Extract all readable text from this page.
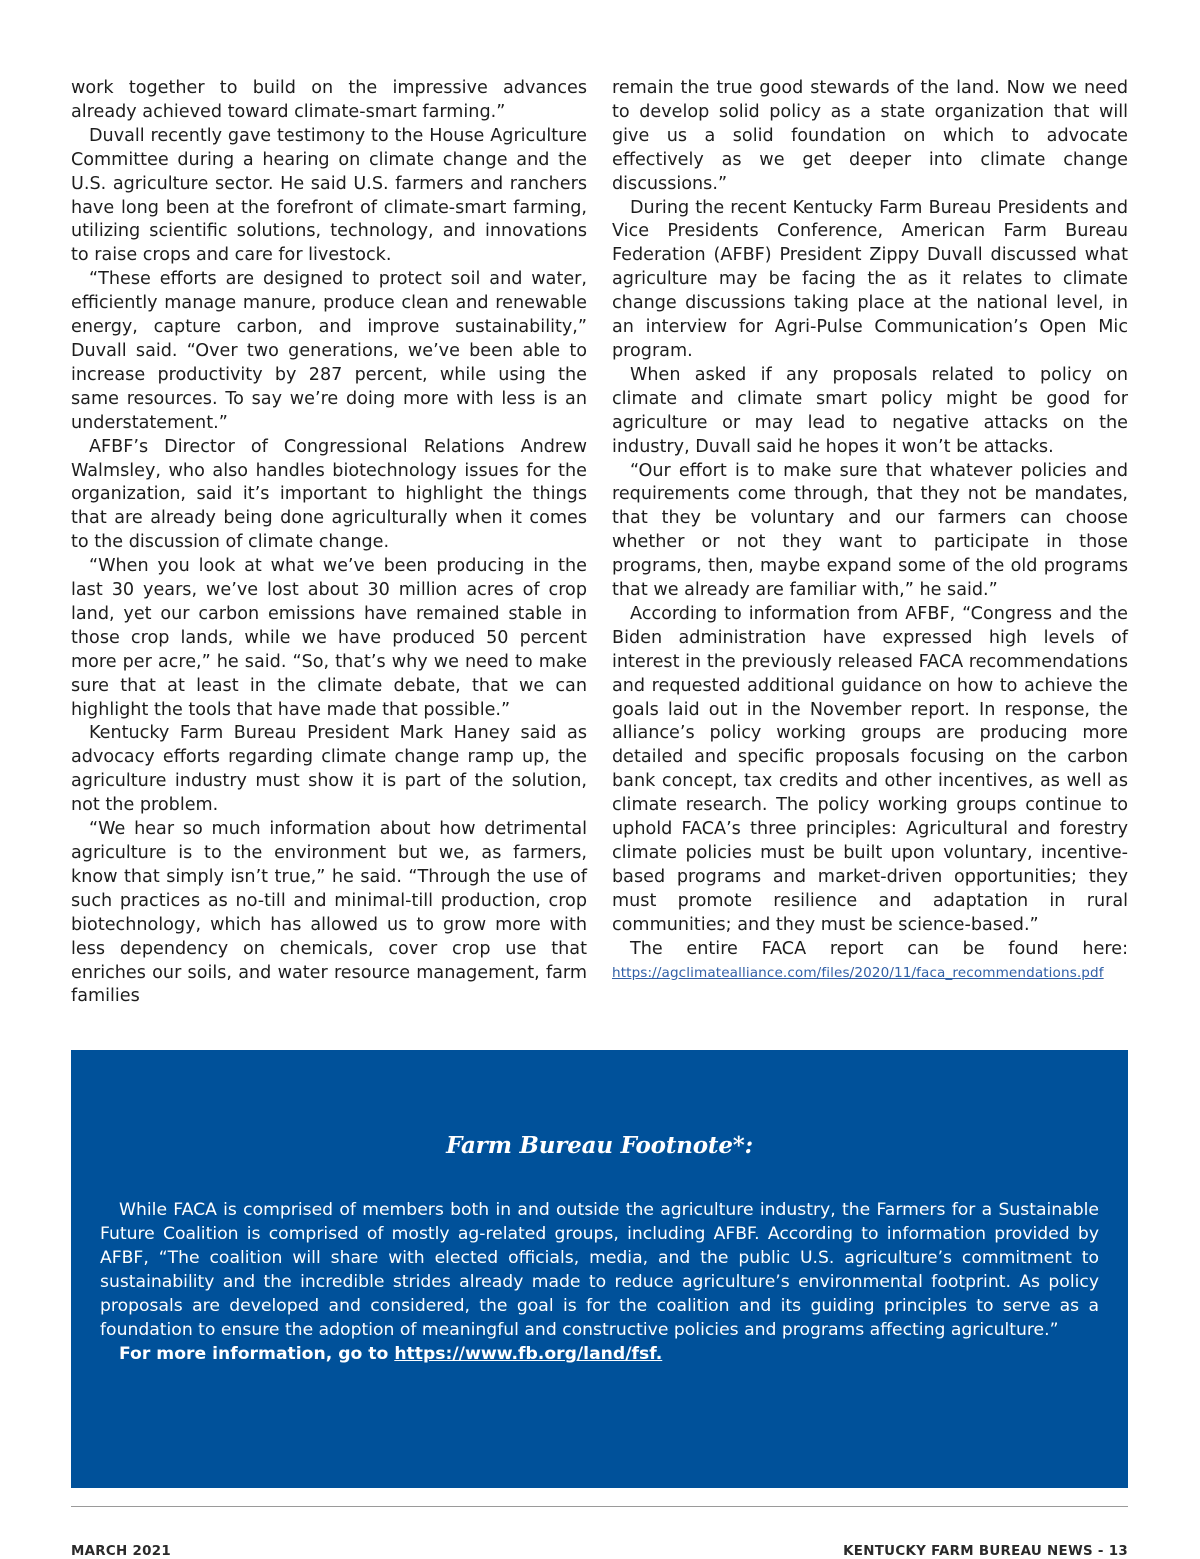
work together to build on the impressive advances already achieved toward climate-smart farming.”

Duvall recently gave testimony to the House Agriculture Committee during a hearing on climate change and the U.S. agriculture sector. He said U.S. farmers and ranchers have long been at the forefront of climate-smart farming, utilizing scientific solutions, technology, and innovations to raise crops and care for livestock.

“These efforts are designed to protect soil and water, efficiently manage manure, produce clean and renewable energy, capture carbon, and improve sustainability,” Duvall said. “Over two generations, we’ve been able to increase productivity by 287 percent, while using the same resources. To say we’re doing more with less is an understatement.”

AFBF’s Director of Congressional Relations Andrew Walmsley, who also handles biotechnology issues for the organization, said it’s important to highlight the things that are already being done agriculturally when it comes to the discussion of climate change.

“When you look at what we’ve been producing in the last 30 years, we’ve lost about 30 million acres of crop land, yet our carbon emissions have remained stable in those crop lands, while we have produced 50 percent more per acre,” he said. “So, that’s why we need to make sure that at least in the climate debate, that we can highlight the tools that have made that possible.”

Kentucky Farm Bureau President Mark Haney said as advocacy efforts regarding climate change ramp up, the agriculture industry must show it is part of the solution, not the problem.

“We hear so much information about how detrimental agriculture is to the environment but we, as farmers, know that simply isn’t true,” he said. “Through the use of such practices as no-till and minimal-till production, crop biotechnology, which has allowed us to grow more with less dependency on chemicals, cover crop use that enriches our soils, and water resource management, farm families

remain the true good stewards of the land. Now we need to develop solid policy as a state organization that will give us a solid foundation on which to advocate effectively as we get deeper into climate change discussions.”

During the recent Kentucky Farm Bureau Presidents and Vice Presidents Conference, American Farm Bureau Federation (AFBF) President Zippy Duvall discussed what agriculture may be facing the as it relates to climate change discussions taking place at the national level, in an interview for Agri-Pulse Communication’s Open Mic program.

When asked if any proposals related to policy on climate and climate smart policy might be good for agriculture or may lead to negative attacks on the industry, Duvall said he hopes it won’t be attacks.

“Our effort is to make sure that whatever policies and requirements come through, that they not be mandates, that they be voluntary and our farmers can choose whether or not they want to participate in those programs, then, maybe expand some of the old programs that we already are familiar with,” he said.”

According to information from AFBF, “Congress and the Biden administration have expressed high levels of interest in the previously released FACA recommendations and requested additional guidance on how to achieve the goals laid out in the November report. In response, the alliance’s policy working groups are producing more detailed and specific proposals focusing on the carbon bank concept, tax credits and other incentives, as well as climate research. The policy working groups continue to uphold FACA’s three principles: Agricultural and forestry climate policies must be built upon voluntary, incentive-based programs and market-driven opportunities; they must promote resilience and adaptation in rural communities; and they must be science-based.”

The entire FACA report can be found here:

https://agclimatealliance.com/files/2020/11/faca_recommendations.pdf
Farm Bureau Footnote*:

While FACA is comprised of members both in and outside the agriculture industry, the Farmers for a Sustainable Future Coalition is comprised of mostly ag-related groups, including AFBF. According to information provided by AFBF, “The coalition will share with elected officials, media, and the public U.S. agriculture’s commitment to sustainability and the incredible strides already made to reduce agriculture’s environmental footprint. As policy proposals are developed and considered, the goal is for the coalition and its guiding principles to serve as a foundation to ensure the adoption of meaningful and constructive policies and programs affecting agriculture.”

For more information, go to https://www.fb.org/land/fsf.

MARCH 2021	KENTUCKY FARM BUREAU NEWS - 13
